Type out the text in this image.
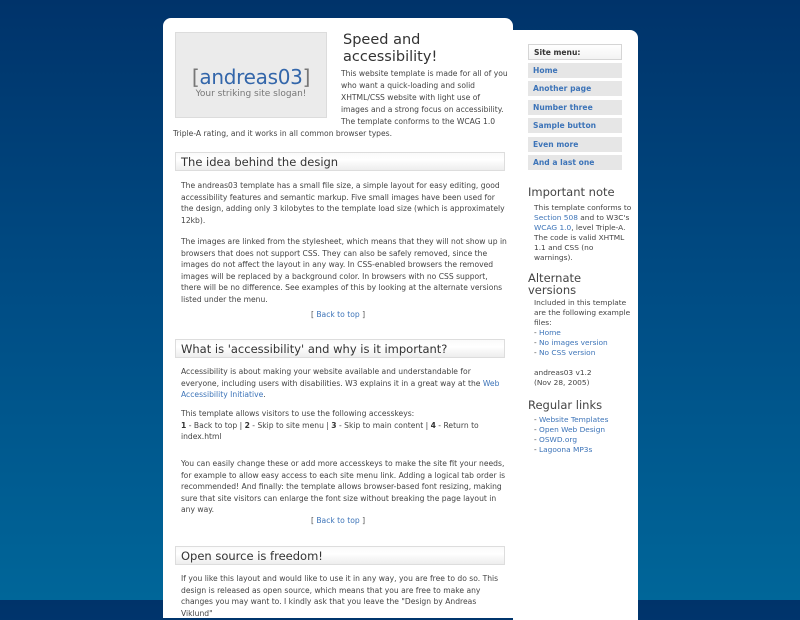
[andreas03]
Your striking site slogan!
Speed and accessibility!
This website template is made for all of you who want a quick-loading and solid XHTML/CSS website with light use of images and a strong focus on accessibility. The template conforms to the WCAG 1.0 Triple-A rating, and it works in all common browser types.
The idea behind the design
The andreas03 template has a small file size, a simple layout for easy editing, good accessibility features and semantic markup. Five small images have been used for the design, adding only 3 kilobytes to the template load size (which is approximately 12kb).
The images are linked from the stylesheet, which means that they will not show up in browsers that does not support CSS. They can also be safely removed, since the images do not affect the layout in any way. In CSS-enabled browsers the removed images will be replaced by a background color. In browsers with no CSS support, there will be no difference. See examples of this by looking at the alternate versions listed under the menu.
[ Back to top ]
What is 'accessibility' and why is it important?
Accessibility is about making your website available and understandable for everyone, including users with disabilities. W3 explains it in a great way at the Web Accessibility Initiative.
This template allows visitors to use the following accesskeys:
1 - Back to top | 2 - Skip to site menu | 3 - Skip to main content | 4 - Return to index.html
You can easily change these or add more accesskeys to make the site fit your needs, for example to allow easy access to each site menu link. Adding a logical tab order is recommended! And finally: the template allows browser-based font resizing, making sure that site visitors can enlarge the font size without breaking the page layout in any way.
[ Back to top ]
Open source is freedom!
If you like this layout and would like to use it in any way, you are free to do so. This design is released as open source, which means that you are free to make any changes you may want to. I kindly ask that you leave the "Design by Andreas Viklund"
Site menu:
Home
Another page
Number three
Sample button
Even more
And a last one
Important note
This template conforms to Section 508 and to W3C's WCAG 1.0, level Triple-A. The code is valid XHTML 1.1 and CSS (no warnings).
Alternate versions
Included in this template are the following example files:
- Home
- No images version
- No CSS version

andreas03 v1.2
(Nov 28, 2005)
Regular links
- Website Templates
- Open Web Design
- OSWD.org
- Lagoona MP3s
